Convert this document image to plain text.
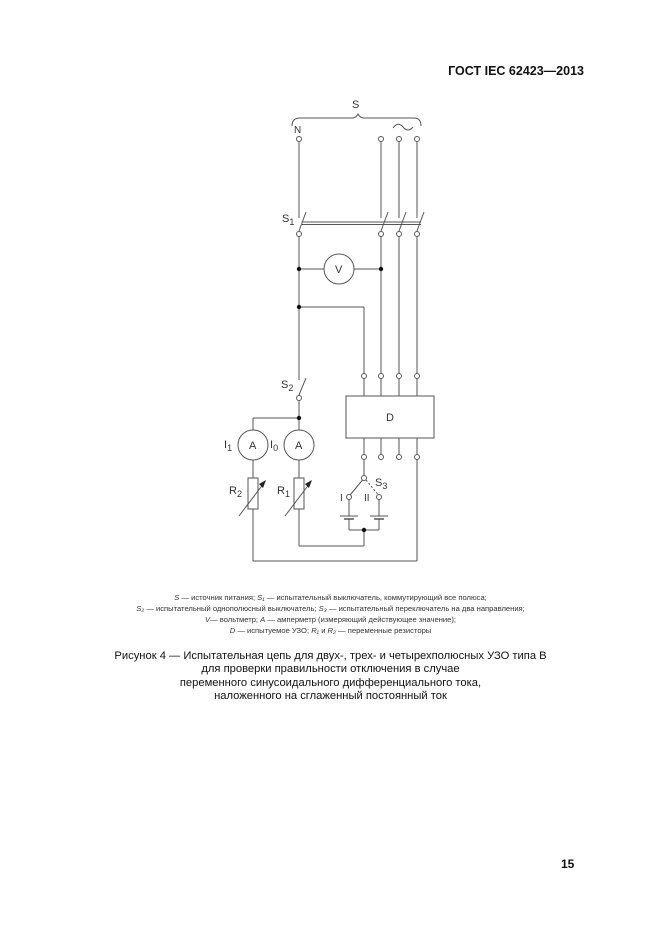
ГОСТ IEC 62423—2013
S
N
$S_1$
$S_2$
$S_3$
V
A	A
$I_1$	$I_0$
$R_2$	$R_1$
D
I II
S — источник питания; S₁ — испытательный выключатель, коммутирующий все полюса;
S₂ — испытательный однополюсный выключатель; S₃ — испытательный переключатель на два направления;
V— вольтметр; A — амперметр (измеряющий действующее значение);
D — испытуемое УЗО; R₁ и R₂ — переменные резисторы
Рисунок 4 — Испытательная цепь для двух-, трех- и четырехполюсных УЗО типа B
для проверки правильности отключения в случае
переменного синусоидального дифференциального тока,
наложенного на сглаженный постоянный ток
15
